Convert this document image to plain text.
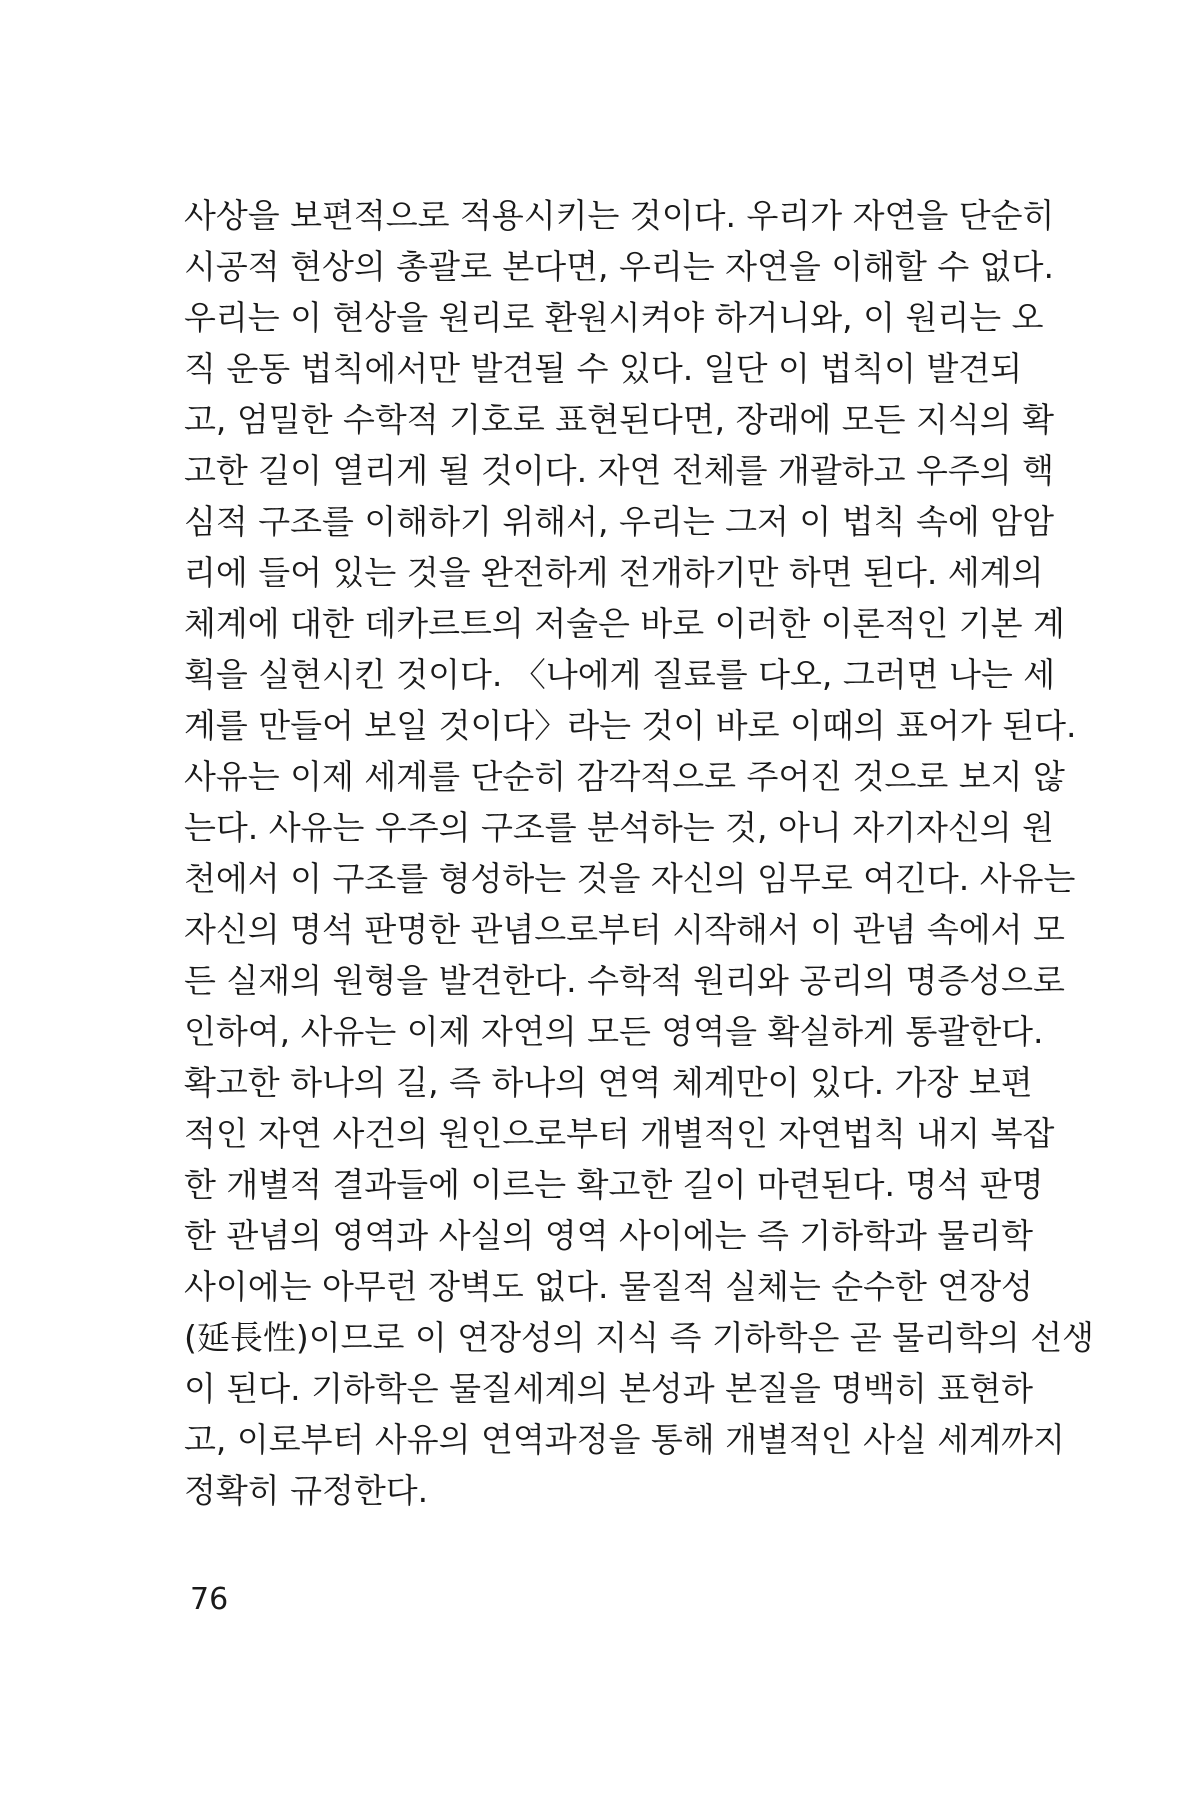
사상을 보편적으로 적용시키는 것이다. 우리가 자연을 단순히
시공적 현상의 총괄로 본다면, 우리는 자연을 이해할 수 없다.
우리는 이 현상을 원리로 환원시켜야 하거니와, 이 원리는 오
직 운동 법칙에서만 발견될 수 있다. 일단 이 법칙이 발견되
고, 엄밀한 수학적 기호로 표현된다면, 장래에 모든 지식의 확
고한 길이 열리게 될 것이다. 자연 전체를 개괄하고 우주의 핵
심적 구조를 이해하기 위해서, 우리는 그저 이 법칙 속에 암암
리에 들어 있는 것을 완전하게 전개하기만 하면 된다. 세계의
체계에 대한 데카르트의 저술은 바로 이러한 이론적인 기본 계
획을 실현시킨 것이다. 〈나에게 질료를 다오, 그러면 나는 세
계를 만들어 보일 것이다〉라는 것이 바로 이때의 표어가 된다.
사유는 이제 세계를 단순히 감각적으로 주어진 것으로 보지 않
는다. 사유는 우주의 구조를 분석하는 것, 아니 자기자신의 원
천에서 이 구조를 형성하는 것을 자신의 임무로 여긴다. 사유는
자신의 명석 판명한 관념으로부터 시작해서 이 관념 속에서 모
든 실재의 원형을 발견한다. 수학적 원리와 공리의 명증성으로
인하여, 사유는 이제 자연의 모든 영역을 확실하게 통괄한다.
확고한 하나의 길, 즉 하나의 연역 체계만이 있다. 가장 보편
적인 자연 사건의 원인으로부터 개별적인 자연법칙 내지 복잡
한 개별적 결과들에 이르는 확고한 길이 마련된다. 명석 판명
한 관념의 영역과 사실의 영역 사이에는 즉 기하학과 물리학
사이에는 아무런 장벽도 없다. 물질적 실체는 순수한 연장성
(延長性)이므로 이 연장성의 지식 즉 기하학은 곧 물리학의 선생
이 된다. 기하학은 물질세계의 본성과 본질을 명백히 표현하
고, 이로부터 사유의 연역과정을 통해 개별적인 사실 세계까지
정확히 규정한다.
76
